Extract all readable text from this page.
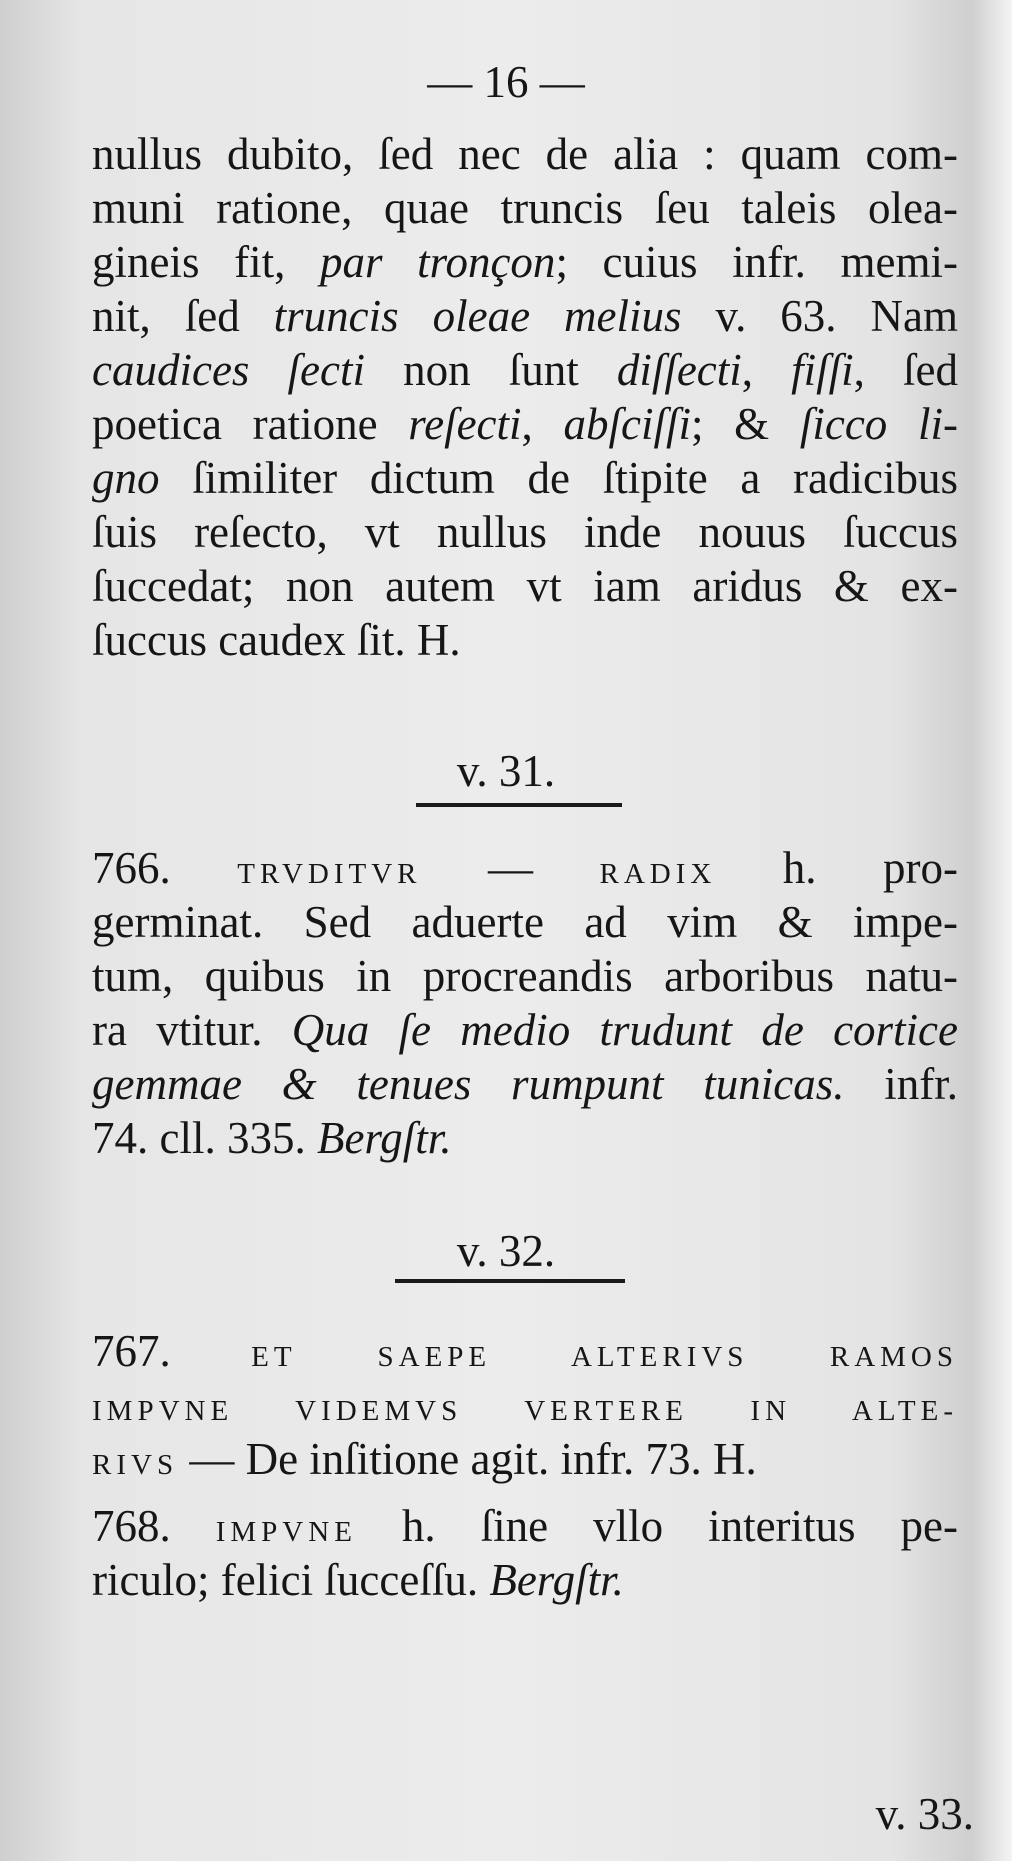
— 16 —
nullus dubito, ſed nec de alia : quam com-
muni ratione, quae truncis ſeu taleis olea-
gineis fit, par tronçon; cuius infr. memi-
nit, ſed truncis oleae melius v. 63. Nam
caudices ſecti non ſunt diſſecti, fiſſi, ſed
poetica ratione reſecti, abſciſſi; & ſicco li-
gno ſimiliter dictum de ſtipite a radicibus
ſuis reſecto, vt nullus inde nouus ſuccus
ſuccedat; non autem vt iam aridus & ex-
ſuccus caudex ſit. H.
v. 31.
766. TRVDITVR — RADIX h. pro-
germinat. Sed aduerte ad vim & impe-
tum, quibus in procreandis arboribus natu-
ra vtitur. Qua ſe medio trudunt de cortice
gemmae & tenues rumpunt tunicas. infr.
74. cll. 335. Bergſtr.
v. 32.
767. ET SAEPE ALTERIVS RAMOS
IMPVNE VIDEMVS VERTERE IN ALTE-
RIVS — De inſitione agit. infr. 73. H.
768. IMPVNE h. ſine vllo interitus pe-
riculo; felici ſucceſſu. Bergſtr.
v. 33.
